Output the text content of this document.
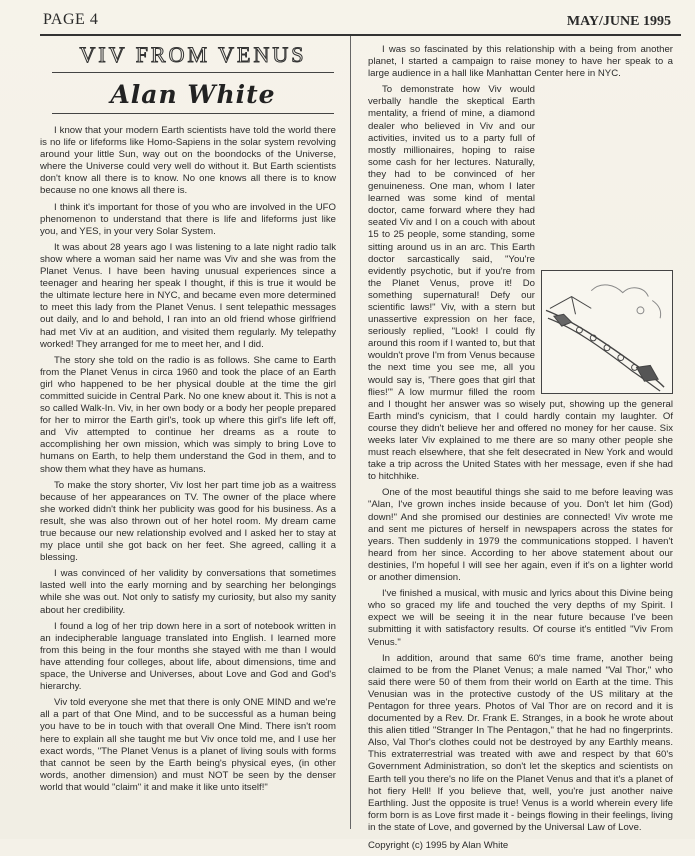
PAGE 4	MAY/JUNE 1995
VIV FROM VENUS
Alan White

I know that your modern Earth scientists have told the world there is no life or lifeforms like Homo-Sapiens in the solar system revolving around your little Sun, way out on the boondocks of the Universe, where the Universe could very well do without it. But Earth scientists don't know all there is to know. No one knows all there is to know because no one knows all there is.

I think it's important for those of you who are involved in the UFO phenomenon to understand that there is life and lifeforms just like you, and YES, in your very Solar System.

It was about 28 years ago I was listening to a late night radio talk show where a woman said her name was Viv and she was from the Planet Venus. I have been having unusual experiences since a teenager and hearing her speak I thought, if this is true it would be the ultimate lecture here in NYC, and became even more determined to meet this lady from the Planet Venus. I sent telepathic messages out daily, and lo and behold, I ran into an old friend whose girlfriend had met Viv at an audition, and visited them regularly. My telepathy worked! They arranged for me to meet her, and I did.

The story she told on the radio is as follows. She came to Earth from the Planet Venus in circa 1960 and took the place of an Earth girl who happened to be her physical double at the time the girl committed suicide in Central Park. No one knew about it. This is not a so called Walk-In. Viv, in her own body or a body her people prepared for her to mirror the Earth girl's, took up where this girl's life left off, and Viv attempted to continue her dreams as a route to accomplishing her own mission, which was simply to bring Love to humans on Earth, to help them understand the God in them, and to show them what they have as humans.

To make the story shorter, Viv lost her part time job as a waitress because of her appearances on TV. The owner of the place where she worked didn't think her publicity was good for his business. As a result, she was also thrown out of her hotel room. My dream came true because our new relationship evolved and I asked her to stay at my place until she got back on her feet. She agreed, calling it a blessing.

I was convinced of her validity by conversations that sometimes lasted well into the early morning and by searching her belongings while she was out. Not only to satisfy my curiosity, but also my sanity about her credibility.

I found a log of her trip down here in a sort of notebook written in an indecipherable language translated into English. I learned more from this being in the four months she stayed with me than I would have attending four colleges, about life, about dimensions, time and space, the Universe and Universes, about Love and God and God's hierarchy.

Viv told everyone she met that there is only ONE MIND and we're all a part of that One Mind, and to be successful as a human being you have to be in touch with that overall One Mind. There isn't room here to explain all she taught me but Viv once told me, and I use her exact words, "The Planet Venus is a planet of living souls with forms that cannot be seen by the Earth being's physical eyes, (in other words, another dimension) and must NOT be seen by the denser world that would "claim" it and make it like unto itself!"

I was so fascinated by this relationship with a being from another planet, I started a campaign to raise money to have her speak to a large audience in a hall like Manhattan Center here in NYC.

To demonstrate how Viv would verbally handle the skeptical Earth mentality, a friend of mine, a diamond dealer who believed in Viv and our activities, invited us to a party full of mostly millionaires, hoping to raise some cash for her lectures. Naturally, they had to be convinced of her genuineness. One man, whom I later learned was some kind of mental doctor, came forward where they had seated Viv and I on a couch with about 15 to 25 people, some standing, some sitting around us in an arc. This Earth doctor sarcastically said, "You're evidently psychotic, but if you're from the Planet Venus, prove it! Do something supernatural! Defy our scientific laws!" Viv, with a stern but unassertive expression on her face, seriously replied, "Look! I could fly around this room if I wanted to, but that wouldn't prove I'm from Venus because the next time you see me, all you would say is, 'There goes that girl that flies!'" A low murmur filled the room and I thought her answer was so wisely put, showing up the general Earth mind's cynicism, that I could hardly contain my laughter. Of course they didn't believe her and offered no money for her cause. Six weeks later Viv explained to me there are so many other people she must reach elsewhere, that she felt desecrated in New York and would take a trip across the United States with her message, even if she had to hitchhike.

One of the most beautiful things she said to me before leaving was "Alan, I've grown inches inside because of you. Don't let him (God) down!" And she promised our destinies are connected! Viv wrote me and sent me pictures of herself in newspapers across the states for years. Then suddenly in 1979 the communications stopped. I haven't heard from her since. According to her above statement about our destinies, I'm hopeful I will see her again, even if it's on a lighter world or another dimension.

I've finished a musical, with music and lyrics about this Divine being who so graced my life and touched the very depths of my Spirit. I expect we will be seeing it in the near future because I've been submitting it with satisfactory results. Of course it's entitled "Viv From Venus."

In addition, around that same 60's time frame, another being claimed to be from the Planet Venus; a male named "Val Thor," who said there were 50 of them from their world on Earth at the time. This Venusian was in the protective custody of the US military at the Pentagon for three years. Photos of Val Thor are on record and it is documented by a Rev. Dr. Frank E. Stranges, in a book he wrote about this alien titled "Stranger In The Pentagon," that he had no fingerprints. Also, Val Thor's clothes could not be destroyed by any Earthly means. This extraterrestrial was treated with awe and respect by that 60's Government Administration, so don't let the skeptics and scientists on Earth tell you there's no life on the Planet Venus and that it's a planet of hot fiery Hell! If you believe that, well, you're just another naive Earthling. Just the opposite is true! Venus is a world wherein every life form born is as Love first made it - beings flowing in their feelings, living in the state of Love, and governed by the Universal Law of Love.

Copyright (c) 1995 by Alan White
